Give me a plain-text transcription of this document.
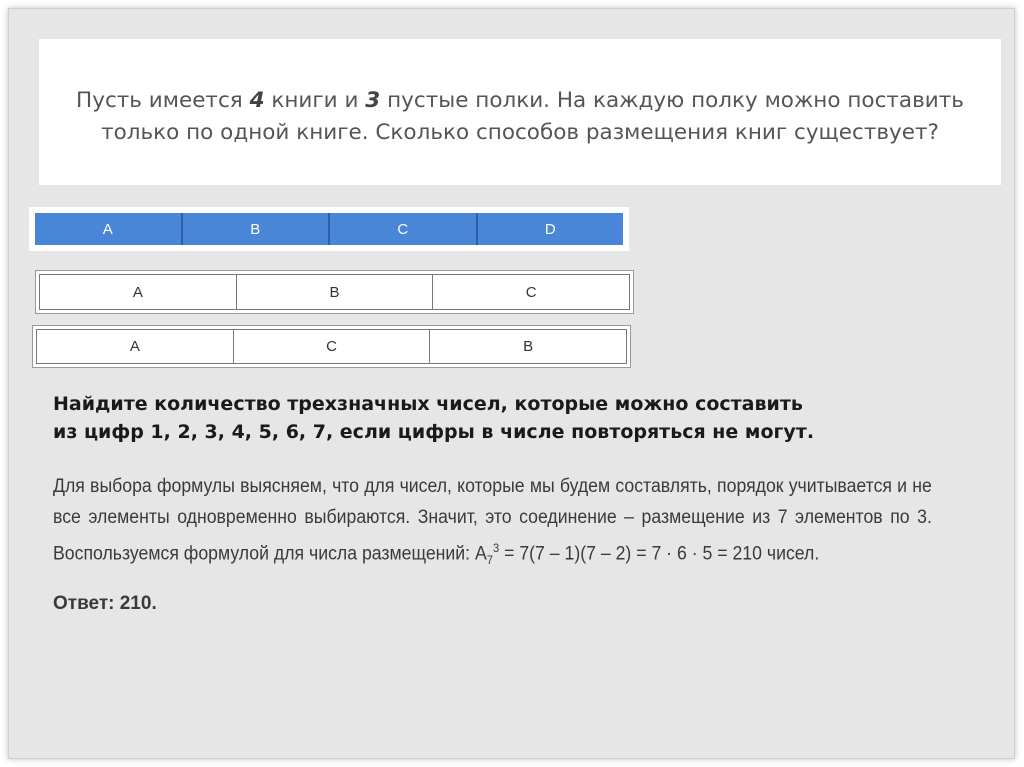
Пусть имеется 4 книги и 3 пустые полки. На каждую полку можно поставить
только по одной книге. Сколько способов размещения книг существует?
A	B	C	D
A	B	C
A	C	B
Найдите количество трехзначных чисел, которые можно составить
из цифр 1, 2, 3, 4, 5, 6, 7, если цифры в числе повторяться не могут.
Для выбора формулы выясняем, что для чисел, которые мы будем составлять, порядок учитывается и не все элементы одновременно выбираются. Значит, это соединение – размещение из 7 элементов по 3. Воспользуемся формулой для числа размещений: $A_7^3 = 7(7 - 1)(7 - 2) = 7 \cdot 6 \cdot 5 = 210$ чисел.
Ответ: 210.
